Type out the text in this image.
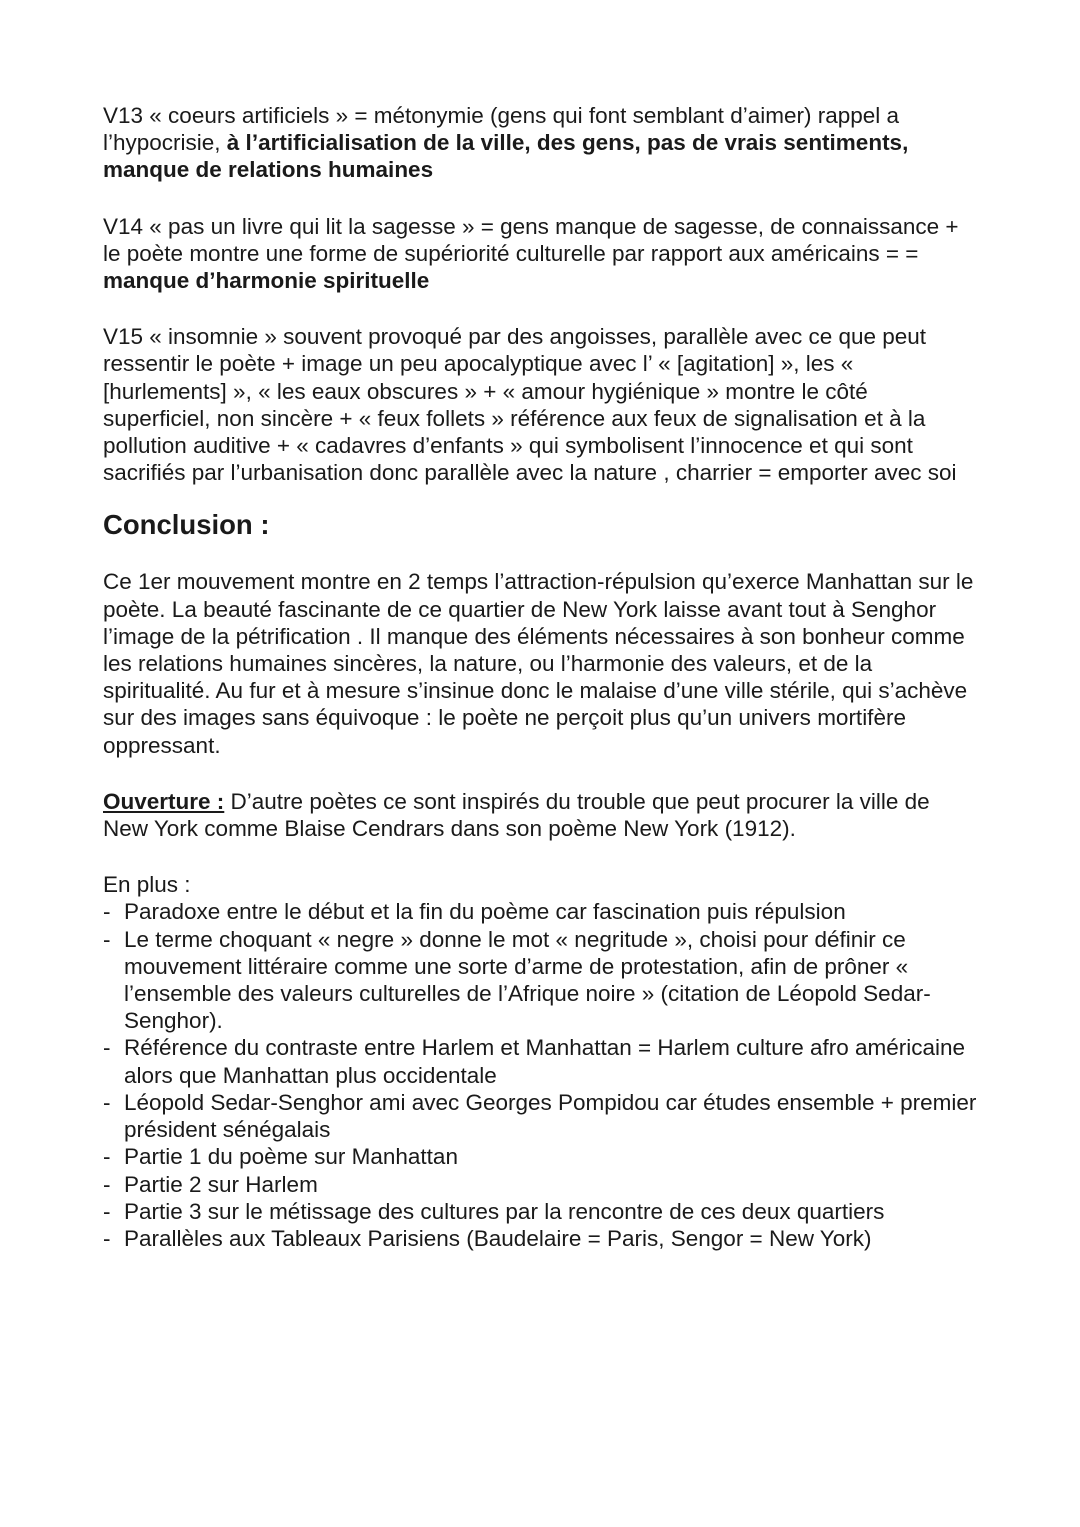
V13 « coeurs artificiels » = métonymie (gens qui font semblant d’aimer) rappel a l’hypocrisie, à l’artificialisation de la ville, des gens, pas de vrais sentiments, manque de relations humaines

V14 « pas un livre qui lit la sagesse » = gens manque de sagesse, de connaissance + le poète montre une forme de supériorité culturelle par rapport aux américains = = manque d’harmonie spirituelle

V15 « insomnie » souvent provoqué par des angoisses, parallèle avec ce que peut ressentir le poète + image un peu apocalyptique avec l’ « [agitation] », les « [hurlements] », « les eaux obscures » + « amour hygiénique » montre le côté superficiel, non sincère + « feux follets » référence aux feux de signalisation et à la pollution auditive + « cadavres d’enfants » qui symbolisent l’innocence et qui sont sacrifiés par l’urbanisation donc parallèle avec la nature , charrier = emporter avec soi

Conclusion :

Ce 1er mouvement montre en 2 temps l’attraction-répulsion qu’exerce Manhattan sur le poète. La beauté fascinante de ce quartier de New York laisse avant tout à Senghor l’image de la pétrification . Il manque des éléments nécessaires à son bonheur comme les relations humaines sincères, la nature, ou l’harmonie des valeurs, et de la spiritualité. Au fur et à mesure s’insinue donc le malaise d’une ville stérile, qui s’achève sur des images sans équivoque : le poète ne perçoit plus qu’un univers mortifère oppressant.

Ouverture : D’autre poètes ce sont inspirés du trouble que peut procurer la ville de New York comme Blaise Cendrars dans son poème New York (1912).

En plus :

- Paradoxe entre le début et la fin du poème car fascination puis répulsion
- Le terme choquant « negre » donne le mot « negritude », choisi pour définir ce mouvement littéraire comme une sorte d’arme de protestation, afin de prôner « l’ensemble des valeurs culturelles de l’Afrique noire » (citation de Léopold Sedar-Senghor).
- Référence du contraste entre Harlem et Manhattan = Harlem culture afro américaine alors que Manhattan plus occidentale
- Léopold Sedar-Senghor ami avec Georges Pompidou car études ensemble + premier président sénégalais
- Partie 1 du poème sur Manhattan
- Partie 2 sur Harlem
- Partie 3 sur le métissage des cultures par la rencontre de ces deux quartiers
- Parallèles aux Tableaux Parisiens (Baudelaire = Paris, Sengor = New York)
